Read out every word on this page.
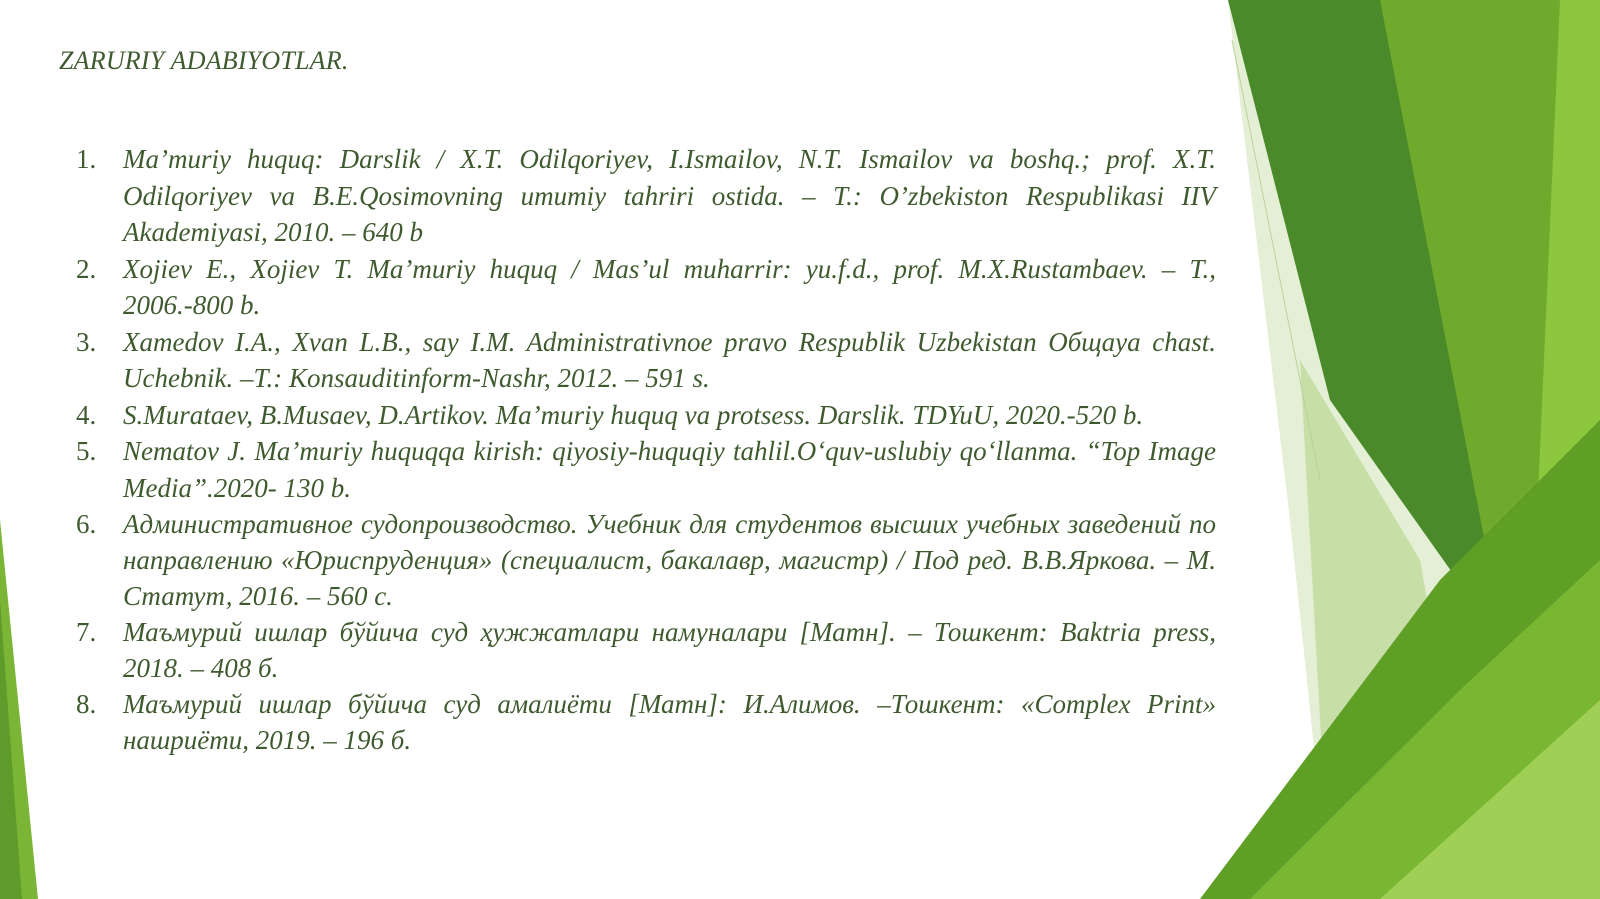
ZARURIY ADABIYOTLAR.
1. Ma’muriy huquq: Darslik / X.T. Odilqoriyev, I.Ismailov, N.T. Ismailov va boshq.; prof. X.T. Odilqoriyev va B.E.Qosimovning umumiy tahriri ostida. – T.: O’zbekiston Respublikasi IIV Akademiyasi, 2010. – 640 b
2. Xojiev E., Xojiev T. Ma’muriy huquq / Mas’ul muharrir: yu.f.d., prof. M.X.Rustambaev. – T., 2006.-800 b.
3. Xamedov I.A., Xvan L.B., say I.M. Administrativnoe pravo Respublik Uzbekistan Общaya chast. Uchebnik. –T.: Konsauditinform-Nashr, 2012. – 591 s.
4. S.Murataev, B.Musaev, D.Artikov. Ma’muriy huquq va protsess. Darslik. TDYuU, 2020.-520 b.
5. Nematov J. Ma’muriy huquqqa kirish: qiyosiy-huquqiy tahlil.O‘quv-uslubiy qo‘llanma. “Top Image Media”.2020- 130 b.
6. Административное судопроизводство. Учебник для студентов высших учебных заведений по направлению «Юриспруденция» (специалист, бакалавр, магистр) / Под ред. В.В.Яркова. – М. Статут, 2016. – 560 с.
7. Маъмурий ишлар бўйича суд ҳужжатлари намуналари [Матн]. – Тошкент: Baktria press, 2018. – 408 б.
8. Маъмурий ишлар бўйича суд амалиёти [Матн]: И.Алимов. –Тошкент: «Complex Print» нашриёти, 2019. – 196 б.
